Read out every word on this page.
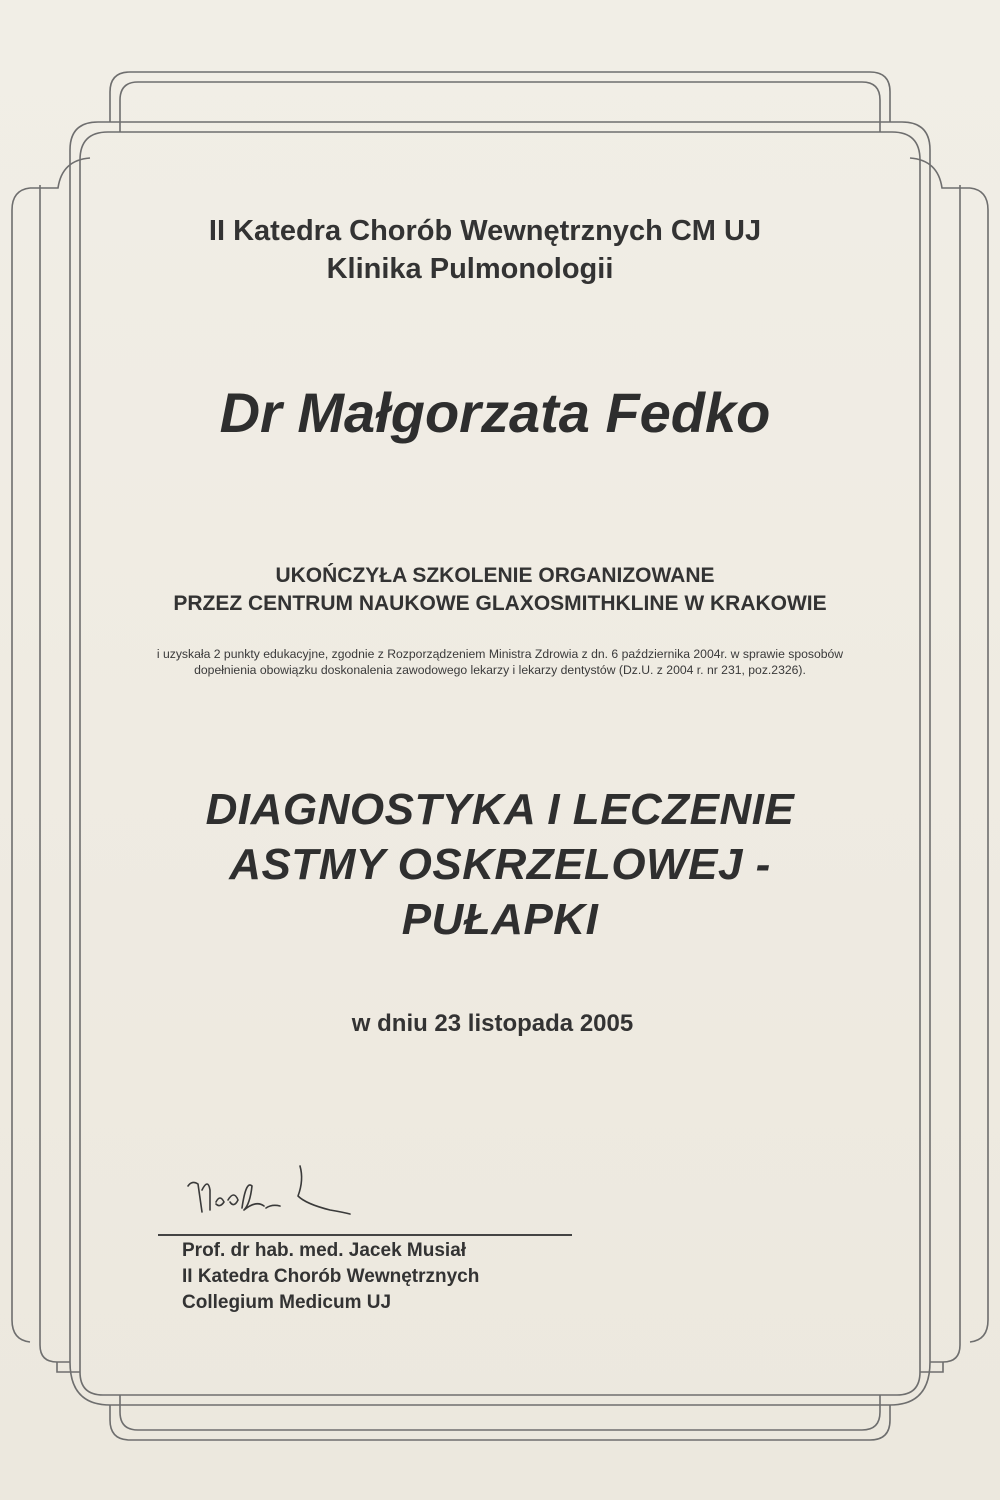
II Katedra Chorób Wewnętrznych CM UJ
Klinika Pulmonologii
Dr Małgorzata Fedko
UKOŃCZYŁA SZKOLENIE ORGANIZOWANE
PRZEZ CENTRUM NAUKOWE GLAXOSMITHKLINE W KRAKOWIE
i uzyskała 2 punkty edukacyjne, zgodnie z Rozporządzeniem Ministra Zdrowia z dn. 6 października 2004r. w sprawie sposobów
dopełnienia obowiązku doskonalenia zawodowego lekarzy i lekarzy dentystów (Dz.U. z 2004 r. nr 231, poz.2326).
DIAGNOSTYKA I LECZENIE
ASTMY OSKRZELOWEJ -
PUŁAPKI
w dniu 23 listopada 2005
Prof. dr hab. med. Jacek Musiał
II Katedra Chorób Wewnętrznych
Collegium Medicum UJ
